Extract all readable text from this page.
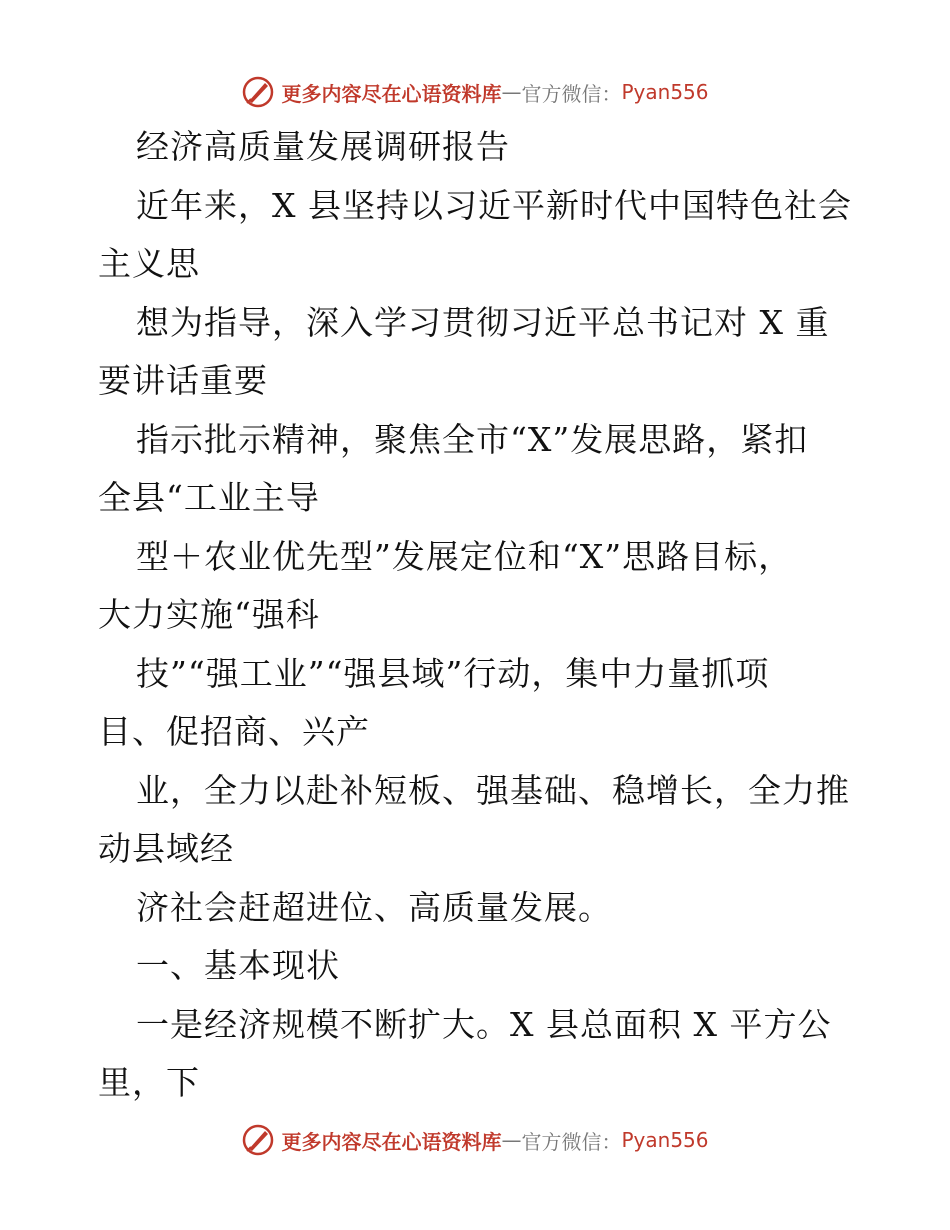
更多内容尽在心语资料库 — 官方微信： Pyan556
经济高质量发展调研报告
近年来，X 县坚持以习近平新时代中国特色社会
主义思
想为指导，深入学习贯彻习近平总书记对 X 重
要讲话重要
指示批示精神，聚焦全市“X”发展思路，紧扣
全县“工业主导
型＋农业优先型”发展定位和“X”思路目标，
大力实施“强科
技”“强工业”“强县域”行动，集中力量抓项
目、促招商、兴产
业，全力以赴补短板、强基础、稳增长，全力推
动县域经
济社会赶超进位、高质量发展。
一、基本现状
一是经济规模不断扩大。X 县总面积 X 平方公
里，下
更多内容尽在心语资料库 — 官方微信： Pyan556
